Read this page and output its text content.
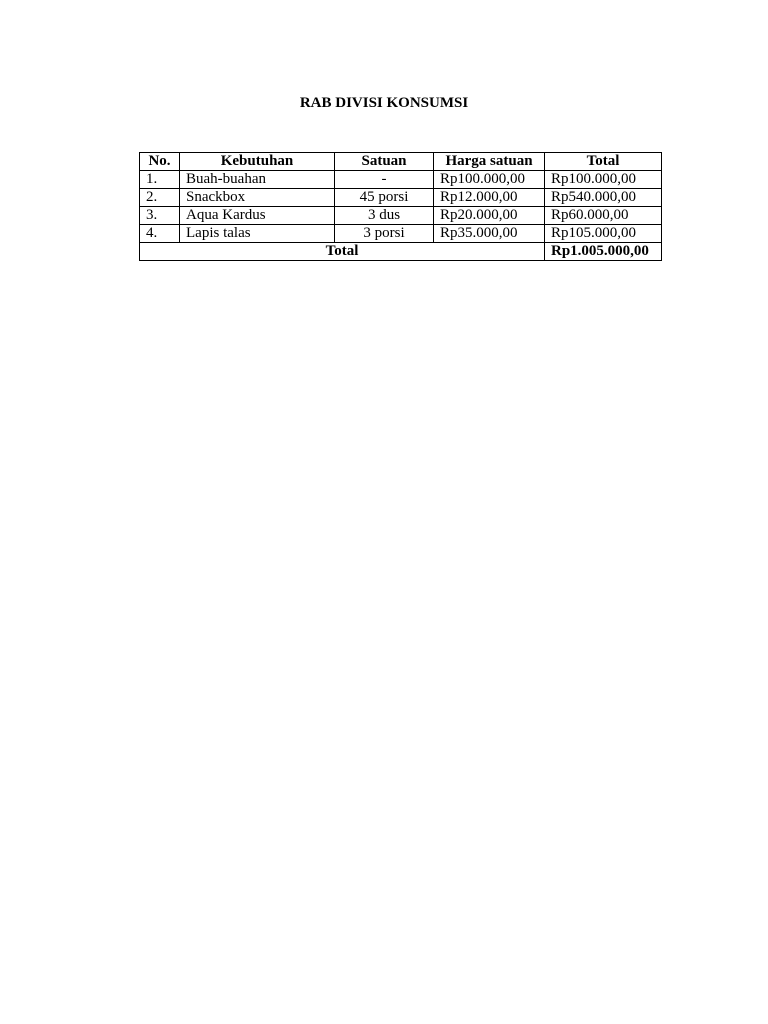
RAB DIVISI KONSUMSI
No.	Kebutuhan	Satuan	Harga satuan	Total
1.	Buah-buahan	-	Rp100.000,00	Rp100.000,00
2.	Snackbox	45 porsi	Rp12.000,00	Rp540.000,00
3.	Aqua Kardus	3 dus	Rp20.000,00	Rp60.000,00
4.	Lapis talas	3 porsi	Rp35.000,00	Rp105.000,00
Total				Rp1.005.000,00
